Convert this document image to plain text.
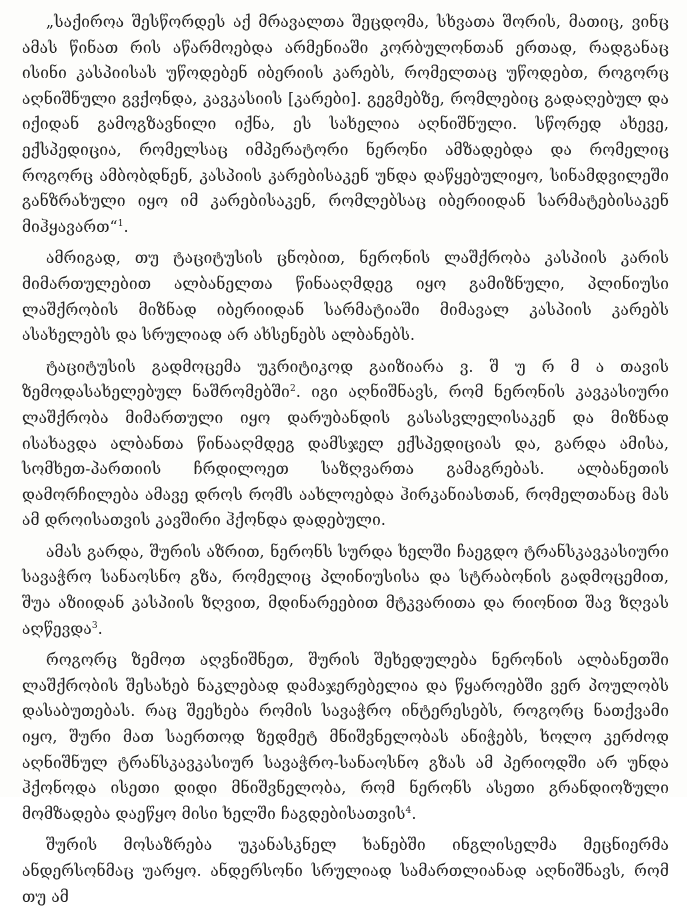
„საქიროა შესწორდეს აქ მრავალთა შეცდომა, სხვათა შორის, მათიც, ვინც ამას წინათ რის აწარმოებდა არმენიაში კორბულონთან ერთად, რადგანაც ისინი კასპიისას უწოდებენ იბერიის კარებს, რომელთაც უწოდებთ, როგორც აღნიშნული გვქონდა, კავკასიის [კარები]. გეგმებზე, რომლებიც გადაღებულ და იქიდან გამოგზავნილი იქნა, ეს სახელია აღნიშნული. სწორედ ახევე, ექსპედიცია, რომელსაც იმპერატორი ნერონი ამზადებდა და რომელიც როგორც ამბობდნენ, კასპიის კარებისაკენ უნდა დაწყებულიყო, სინამდვილეში განზრახული იყო იმ კარებისაკენ, რომლებსაც იბერიიდან სარმატებისაკენ მიჰყავართ“$^1$.

ამრიგად, თუ ტაციტუსის ცნობით, ნერონის ლაშქრობა კასპიის კარის მიმართულებით ალბანელთა წინააღმდეგ იყო გამიზნული, პლინიუსი ლაშქრობის მიზნად იბერიიდან სარმატიაში მიმავალ კასპიის კარებს ასახელებს და სრულიად არ ახსენებს ალბანებს.

ტაციტუსის გადმოცემა უკრიტიკოდ გაიზიარა ვ. შ უ რ მ ა თავის ზემოდასახელებულ ნაშრომებში$^2$. იგი აღნიშნავს, რომ ნერონის კავკასიური ლაშქრობა მიმართული იყო დარუბანდის გასასვლელისაკენ და მიზნად ისახავდა ალბანთა წინააღმდეგ დამსჯელ ექსპედიციას და, გარდა ამისა, სომხეთ-პართიის ჩრდილოეთ საზღვართა გამაგრებას. ალბანეთის დამორჩილება ამავე დროს რომს აახლოებდა ჰირკანიასთან, რომელთანაც მას ამ დროისათვის კავშირი ჰქონდა დადებული.

ამას გარდა, შურის აზრით, ნერონს სურდა ხელში ჩაეგდო ტრანსკავკასიური სავაჭრო სანაოსნო გზა, რომელიც პლინიუსისა და სტრაბონის გადმოცემით, შუა აზიიდან კასპიის ზღვით, მდინარეებით მტკვარითა და რიონით შავ ზღვას აღწევდა$^3$.

როგორც ზემოთ აღვნიშნეთ, შურის შეხედულება ნერონის ალბანეთში ლაშქრობის შესახებ ნაკლებად დამაჯერებელია და წყაროებში ვერ პოულობს დასაბუთებას. რაც შეეხება რომის სავაჭრო ინტერესებს, როგორც ნათქვამი იყო, შური მათ საერთოდ ზედმეტ მნიშვნელობას ანიჭებს, ხოლო კერძოდ აღნიშნულ ტრანსკავკასიურ სავაჭრო-სანაოსნო გზას ამ პერიოდში არ უნდა ჰქონოდა ისეთი დიდი მნიშვნელობა, რომ ნერონს ასეთი გრანდიოზული მომზადება დაეწყო მისი ხელში ჩაგდებისათვის$^4$.

შურის მოსაზრება უკანასკნელ ხანებში ინგლისელმა მეცნიერმა ანდერსონმაც უარყო. ანდერსონი სრულიად სამართლიანად აღნიშნავს, რომ თუ ამ
